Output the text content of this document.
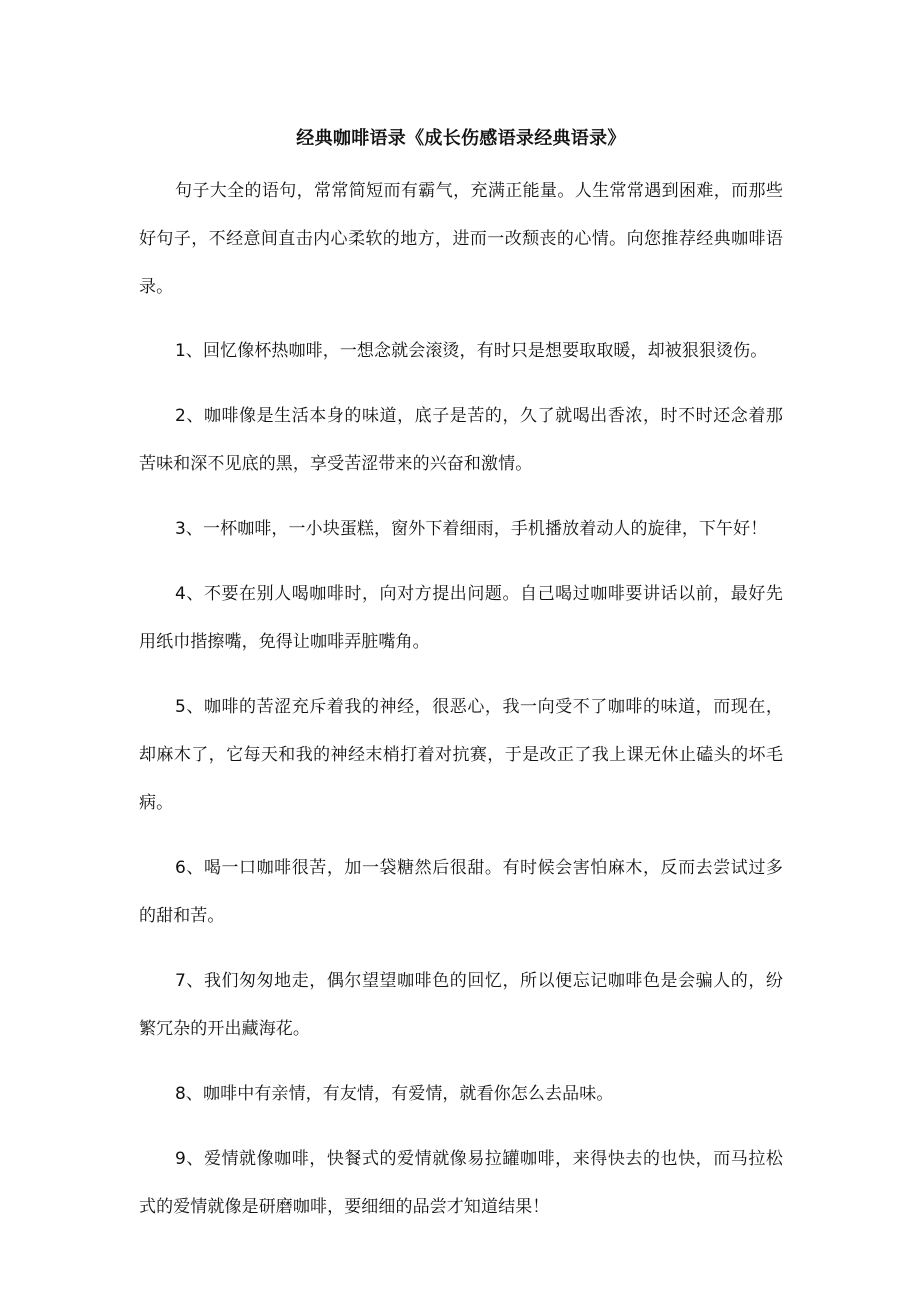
经典咖啡语录《成长伤感语录经典语录》

句子大全的语句，常常简短而有霸气，充满正能量。人生常常遇到困难，而那些好句子，不经意间直击内心柔软的地方，进而一改颓丧的心情。向您推荐经典咖啡语录。

1、回忆像杯热咖啡，一想念就会滚烫，有时只是想要取取暖，却被狠狠烫伤。

2、咖啡像是生活本身的味道，底子是苦的，久了就喝出香浓，时不时还念着那苦味和深不见底的黑，享受苦涩带来的兴奋和激情。

3、一杯咖啡，一小块蛋糕，窗外下着细雨，手机播放着动人的旋律，下午好！

4、不要在别人喝咖啡时，向对方提出问题。自己喝过咖啡要讲话以前，最好先用纸巾揩擦嘴，免得让咖啡弄脏嘴角。

5、咖啡的苦涩充斥着我的神经，很恶心，我一向受不了咖啡的味道，而现在，却麻木了，它每天和我的神经末梢打着对抗赛，于是改正了我上课无休止磕头的坏毛病。

6、喝一口咖啡很苦，加一袋糖然后很甜。有时候会害怕麻木，反而去尝试过多的甜和苦。

7、我们匆匆地走，偶尔望望咖啡色的回忆，所以便忘记咖啡色是会骗人的，纷繁冗杂的开出藏海花。

8、咖啡中有亲情，有友情，有爱情，就看你怎么去品味。

9、爱情就像咖啡，快餐式的爱情就像易拉罐咖啡，来得快去的也快，而马拉松式的爱情就像是研磨咖啡，要细细的品尝才知道结果！
